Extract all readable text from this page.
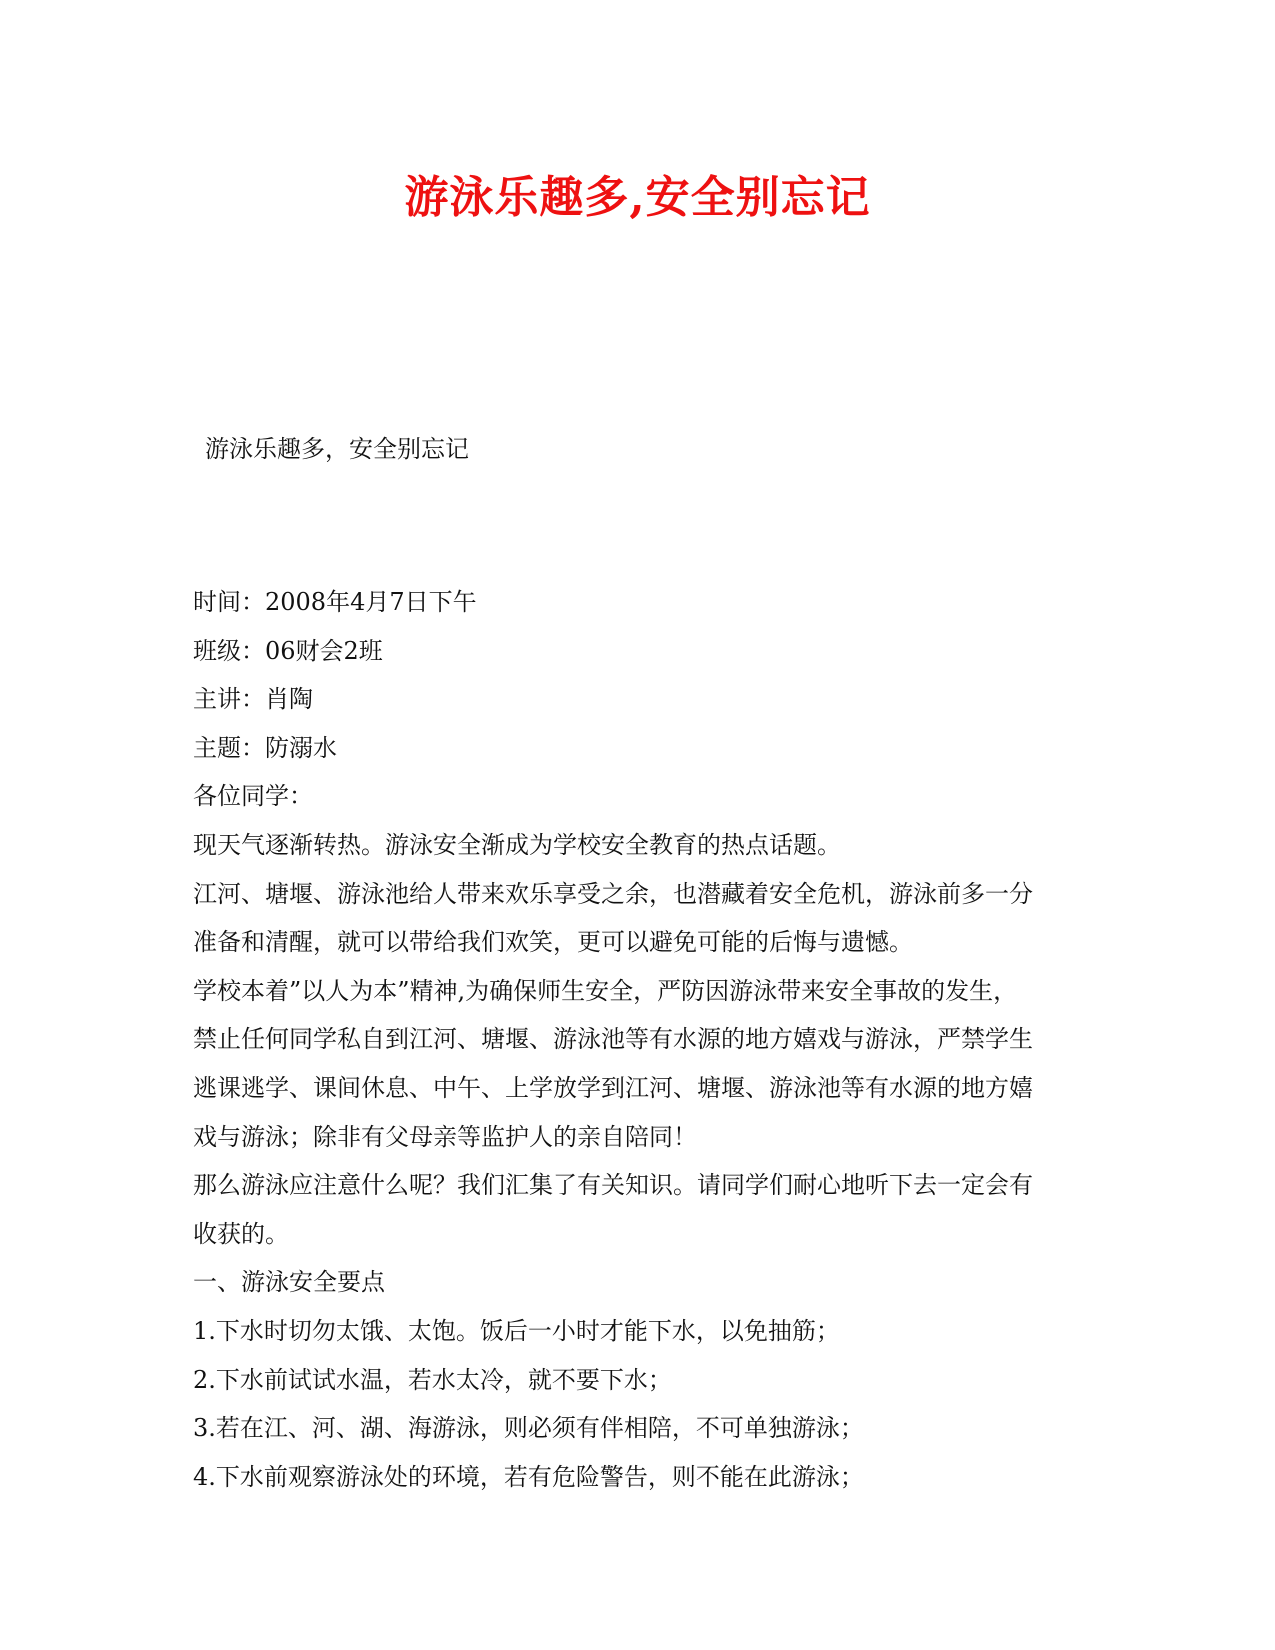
游泳乐趣多,安全别忘记

游泳乐趣多，安全别忘记

时间：2008年4月7日下午

班级：06财会2班

主讲：肖陶

主题：防溺水

各位同学：

现天气逐渐转热。游泳安全渐成为学校安全教育的热点话题。

江河、塘堰、游泳池给人带来欢乐享受之余，也潜藏着安全危机，游泳前多一分

准备和清醒，就可以带给我们欢笑，更可以避免可能的后悔与遗憾。

学校本着”以人为本”精神,为确保师生安全，严防因游泳带来安全事故的发生，

禁止任何同学私自到江河、塘堰、游泳池等有水源的地方嬉戏与游泳，严禁学生

逃课逃学、课间休息、中午、上学放学到江河、塘堰、游泳池等有水源的地方嬉

戏与游泳；除非有父母亲等监护人的亲自陪同！

那么游泳应注意什么呢？我们汇集了有关知识。请同学们耐心地听下去一定会有

收获的。

一、游泳安全要点

1.下水时切勿太饿、太饱。饭后一小时才能下水，以免抽筋；

2.下水前试试水温，若水太冷，就不要下水；

3.若在江、河、湖、海游泳，则必须有伴相陪，不可单独游泳；

4.下水前观察游泳处的环境，若有危险警告，则不能在此游泳；
